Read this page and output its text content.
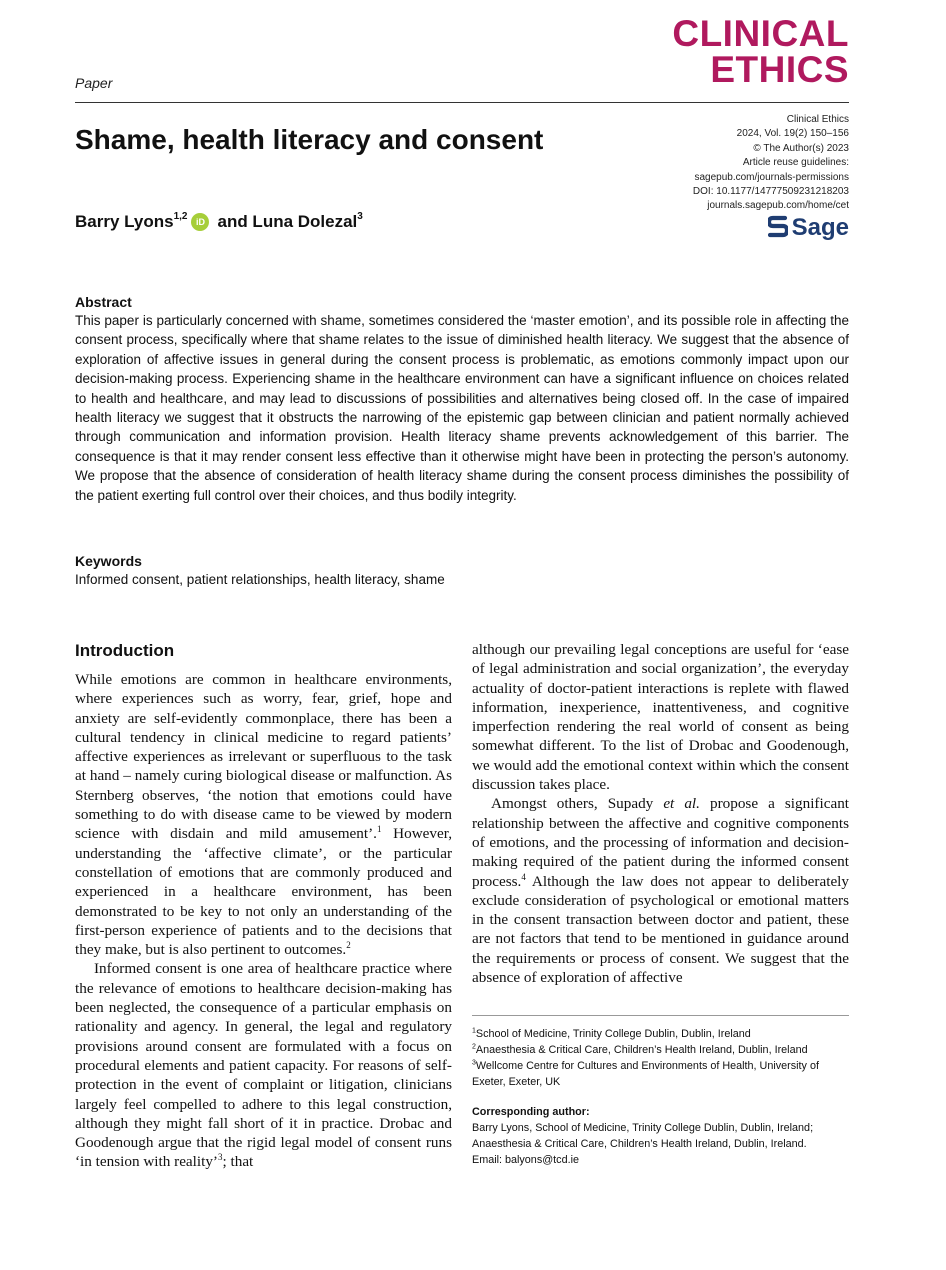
Paper
CLINICAL
ETHICS
Shame, health literacy and consent
Clinical Ethics
2024, Vol. 19(2) 150–156
© The Author(s) 2023
Article reuse guidelines:
sagepub.com/journals-permissions
DOI: 10.1177/14777509231218203
journals.sagepub.com/home/cet
Sage
Barry Lyons$^{1,2}$
iD and Luna Dolezal$^3$
Abstract

This paper is particularly concerned with shame, sometimes considered the ‘master emotion’, and its possible role in affecting the consent process, specifically where that shame relates to the issue of diminished health literacy. We suggest that the absence of exploration of affective issues in general during the consent process is problematic, as emotions commonly impact upon our decision-making process. Experiencing shame in the healthcare environment can have a significant influence on choices related to health and healthcare, and may lead to discussions of possibilities and alternatives being closed off. In the case of impaired health literacy we suggest that it obstructs the narrowing of the epistemic gap between clinician and patient normally achieved through communication and information provision. Health literacy shame prevents acknowledgement of this barrier. The consequence is that it may render consent less effective than it otherwise might have been in protecting the person’s autonomy. We propose that the absence of consideration of health literacy shame during the consent process diminishes the possibility of the patient exerting full control over their choices, and thus bodily integrity.

Keywords

Informed consent, patient relationships, health literacy, shame

Introduction

While emotions are common in healthcare environments, where experiences such as worry, fear, grief, hope and anxiety are self-evidently commonplace, there has been a cultural tendency in clinical medicine to regard patients’ affective experiences as irrelevant or superfluous to the task at hand – namely curing biological disease or malfunction. As Sternberg observes, ‘the notion that emotions could have something to do with disease came to be viewed by modern science with disdain and mild amusement’.$^1$ However, understanding the ‘affective climate’, or the particular constellation of emotions that are commonly produced and experienced in a healthcare environment, has been demonstrated to be key to not only an understanding of the first-person experience of patients and to the decisions that they make, but is also pertinent to outcomes.$^2$

Informed consent is one area of healthcare practice where the relevance of emotions to healthcare decision-making has been neglected, the consequence of a particular emphasis on rationality and agency. In general, the legal and regulatory provisions around consent are formulated with a focus on procedural elements and patient capacity. For reasons of self-protection in the event of complaint or litigation, clinicians largely feel compelled to adhere to this legal construction, although they might fall short of it in practice. Drobac and Goodenough argue that the rigid legal model of consent runs ‘in tension with reality’$^3$; that

although our prevailing legal conceptions are useful for ‘ease of legal administration and social organization’, the everyday actuality of doctor-patient interactions is replete with flawed information, inexperience, inattentiveness, and cognitive imperfection rendering the real world of consent as being somewhat different. To the list of Drobac and Goodenough, we would add the emotional context within which the consent discussion takes place.

Amongst others, Supady et al. propose a significant relationship between the affective and cognitive components of emotions, and the processing of information and decision-making required of the patient during the informed consent process.$^4$ Although the law does not appear to deliberately exclude consideration of psychological or emotional matters in the consent transaction between doctor and patient, these are not factors that tend to be mentioned in guidance around the requirements or process of consent. We suggest that the absence of exploration of affective

$^1$School of Medicine, Trinity College Dublin, Dublin, Ireland
$^2$Anaesthesia & Critical Care, Children’s Health Ireland, Dublin, Ireland
$^3$Wellcome Centre for Cultures and Environments of Health, University of Exeter, Exeter, UK
Corresponding author:
Barry Lyons, School of Medicine, Trinity College Dublin, Dublin, Ireland; Anaesthesia & Critical Care, Children’s Health Ireland, Dublin, Ireland.
Email: balyons@tcd.ie
